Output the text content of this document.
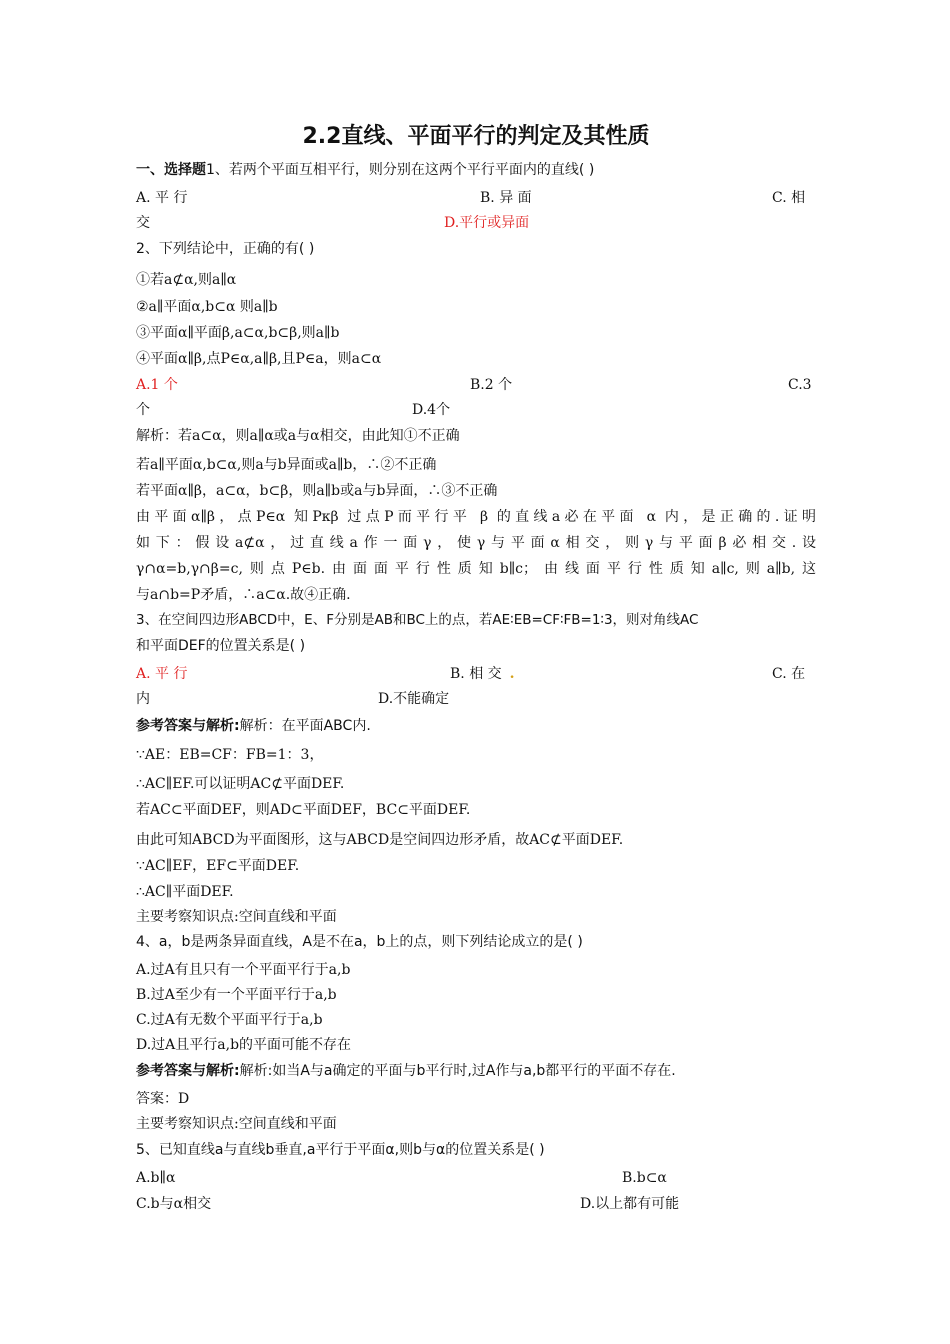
2.2直线、平面平行的判定及其性质
一、选择题1、若两个平面互相平行，则分别在这两个平行平面内的直线( )
A. 平 行	B. 异 面	C. 相
交	D.平行或异面
2、下列结论中，正确的有( )
①若a⊄α,则a∥α
②a∥平面α,b⊂α 则a∥b
③平面α∥平面β,a⊂α,b⊂β,则a∥b
④平面α∥β,点P∈α,a∥β,且P∈a，则a⊂α
A.1 个	B.2 个	C.3
个	D.4个
解析：若a⊂α，则a∥α或a与α相交，由此知①不正确
若a∥平面α,b⊂α,则a与b异面或a∥b，∴②不正确
若平面α∥β，a⊂α，b⊂β，则a∥b或a与b异面，∴③不正确
由平面α∥β，点P∈α 知Pκβ 过点P而平行平 β 的直线a必在平面 α 内，是正确的.证明
如下：假设a⊄α，过直线a作一面γ，使γ与平面α相交，则γ与平面β必相交.设
γ∩α=b,γ∩β=c,则点P∈b.由面面平行性质知b∥c；由线面平行性质知a∥c,则a∥b,这
与a∩b=P矛盾，∴a⊂α.故④正确.
3、在空间四边形ABCD中，E、F分别是AB和BC上的点，若AE∶EB=CF∶FB=1∶3，则对角线AC
和平面DEF的位置关系是( )
A. 平 行	B. 相 交 .	C. 在
内	D.不能确定
参考答案与解析:解析：在平面ABC内.
∵AE：EB=CF：FB=1：3，
∴AC∥EF.可以证明AC⊄平面DEF.
若AC⊂平面DEF，则AD⊂平面DEF，BC⊂平面DEF.
由此可知ABCD为平面图形，这与ABCD是空间四边形矛盾，故AC⊄平面DEF.
∵AC∥EF，EF⊂平面DEF.
∴AC∥平面DEF.
主要考察知识点:空间直线和平面
4、a，b是两条异面直线，A是不在a，b上的点，则下列结论成立的是( )
A.过A有且只有一个平面平行于a,b
B.过A至少有一个平面平行于a,b
C.过A有无数个平面平行于a,b
D.过A且平行a,b的平面可能不存在
参考答案与解析:解析:如当A与a确定的平面与b平行时,过A作与a,b都平行的平面不存在.
答案：D
主要考察知识点:空间直线和平面
5、已知直线a与直线b垂直,a平行于平面α,则b与α的位置关系是( )
A.b∥α	B.b⊂α
C.b与α相交	D.以上都有可能
